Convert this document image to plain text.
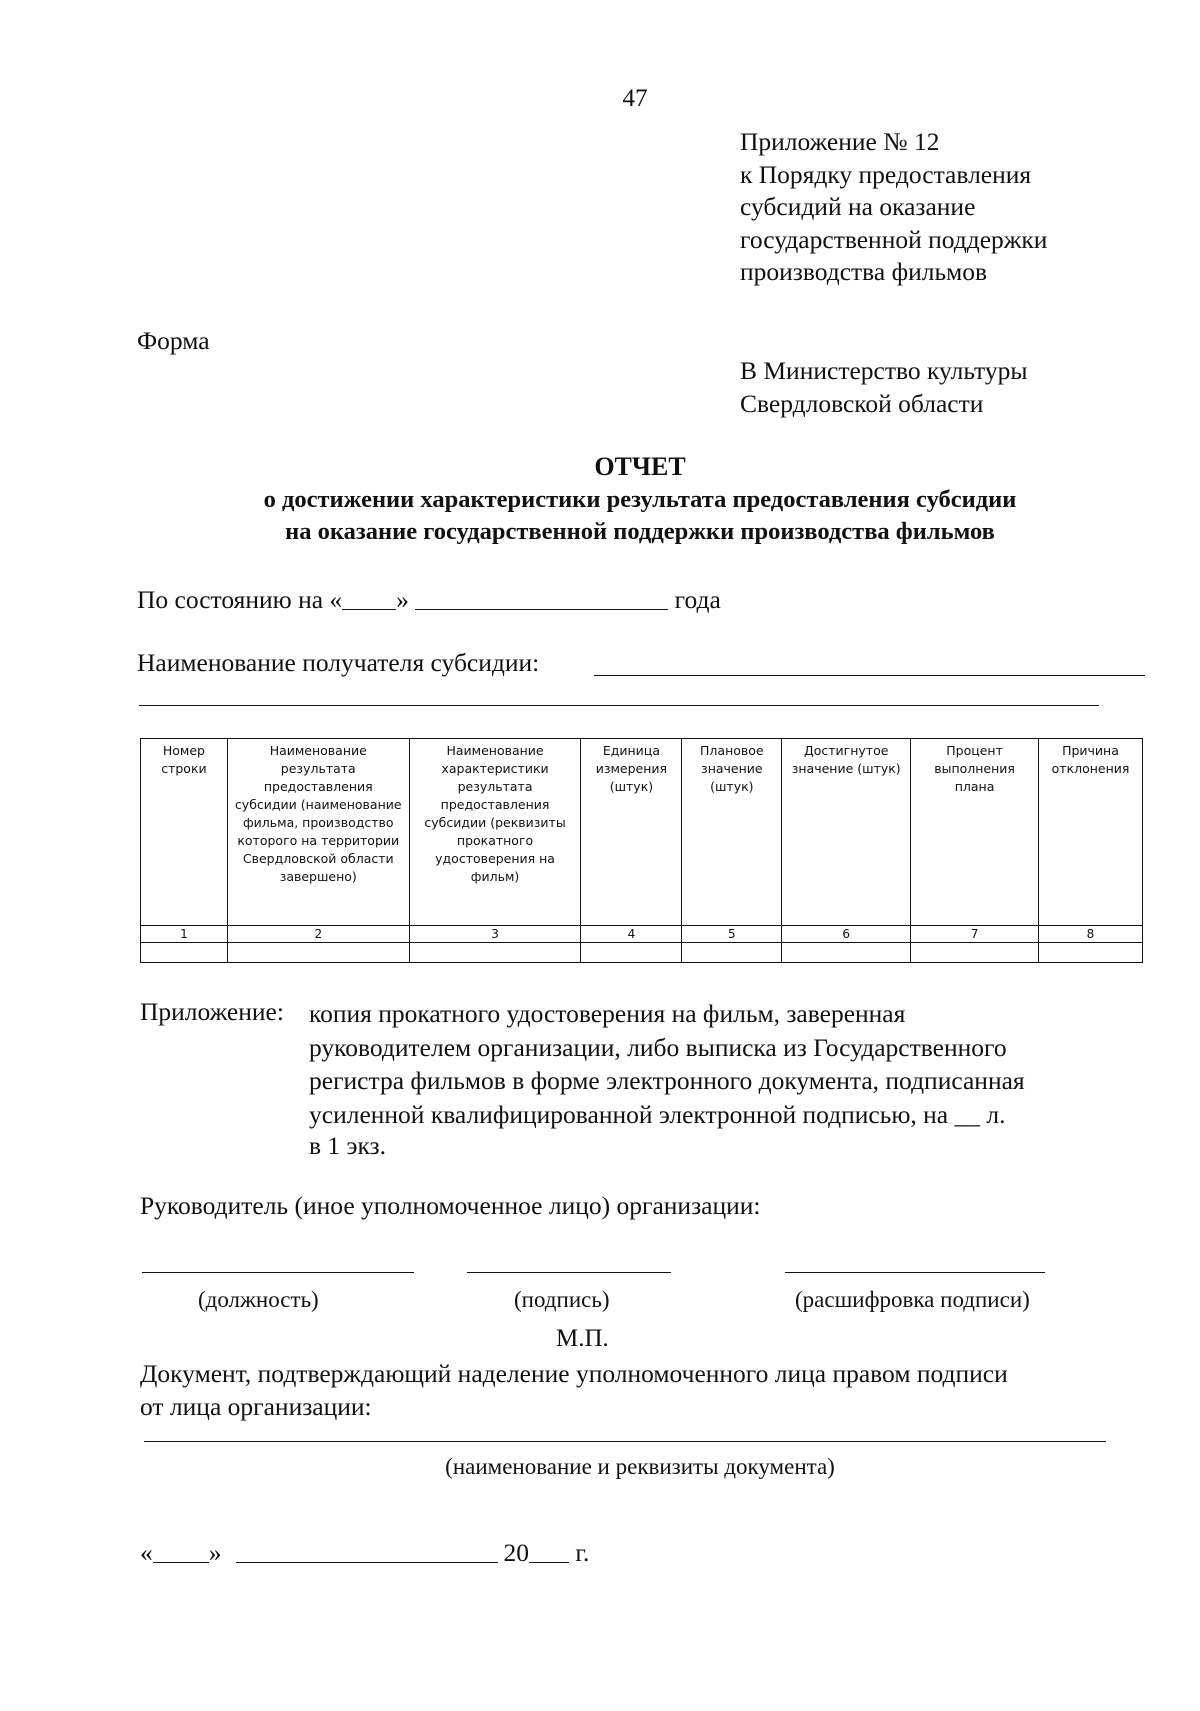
47
Приложение № 12
к Порядку предоставления
субсидий на оказание
государственной поддержки
производства фильмов
Форма
В Министерство культуры
Свердловской области
ОТЧЕТ
о достижении характеристики результата предоставления субсидии
на оказание государственной поддержки производства фильмов
По состоянию на « »	года
Наименование получателя субсидии:
Номер строки	Наименование результата предоставления субсидии (наименование фильма, производство которого на территории Свердловской области завершено)	Наименование характеристики результата предоставления субсидии (реквизиты прокатного удостоверения на фильм)	Единица измерения (штук)	Плановое значение (штук)	Достигнутое значение (штук)	Процент выполнения плана	Причина отклонения
1	2	3	4	5	6	7	8

Приложение: копия прокатного удостоверения на фильм, заверенная
руководителем организации, либо выписка из Государственного
регистра фильмов в форме электронного документа, подписанная
усиленной квалифицированной электронной подписью, на __ л.
в 1 экз.
Руководитель (иное уполномоченное лицо) организации:
(должность)	(подпись)	(расшифровка подписи)
М.П.
Документ, подтверждающий наделение уполномоченного лица правом подписи
от лица организации:
(наименование и реквизиты документа)
« »	20 г.
